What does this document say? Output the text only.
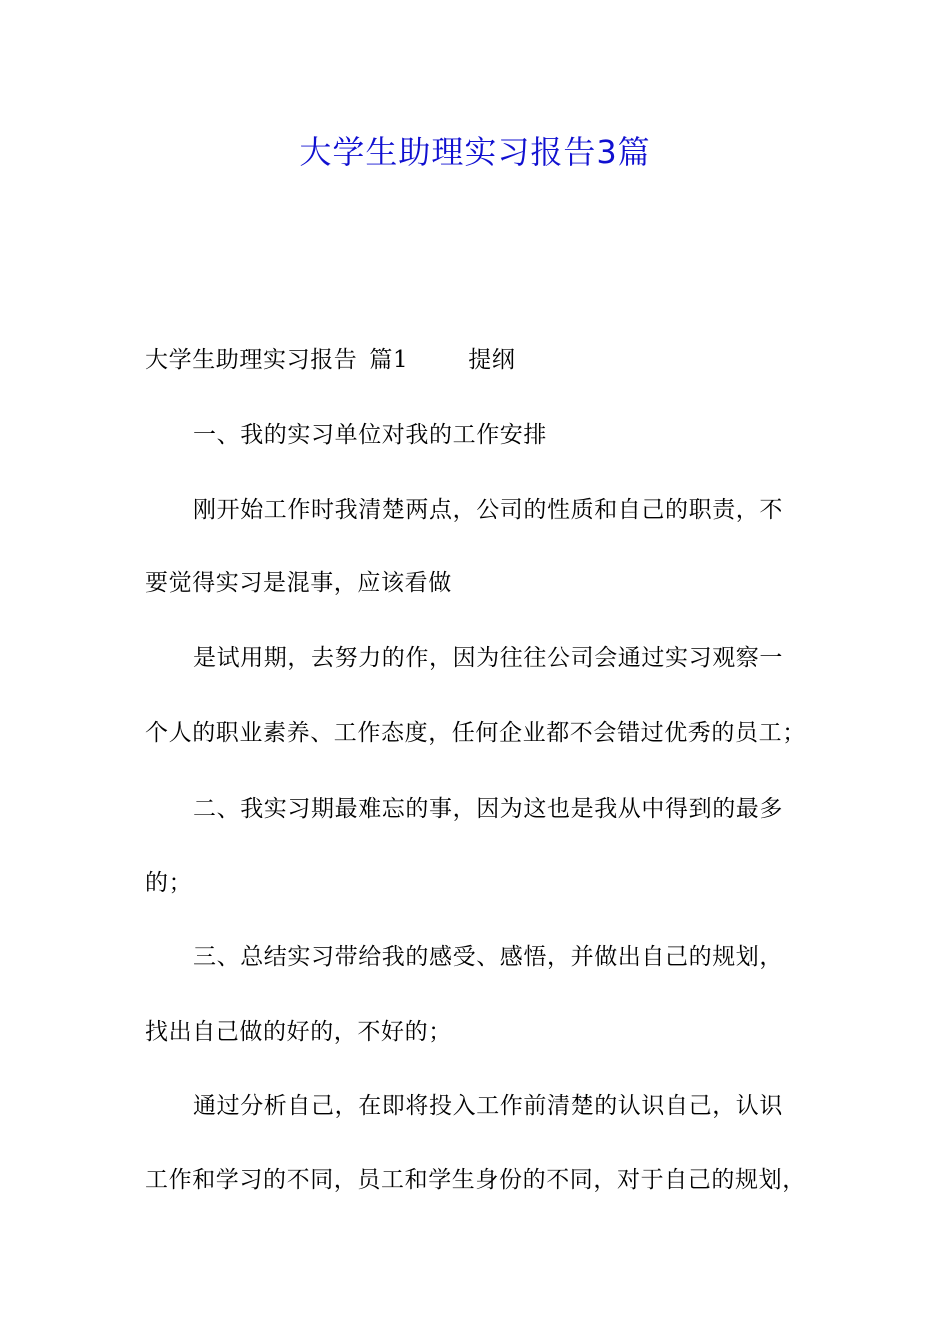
大学生助理实习报告3篇
大学生助理实习报告 篇1	提纲
一、我的实习单位对我的工作安排
刚开始工作时我清楚两点，公司的性质和自己的职责，不
要觉得实习是混事，应该看做
是试用期，去努力的作，因为往往公司会通过实习观察一
个人的职业素养、工作态度，任何企业都不会错过优秀的员工；
二、我实习期最难忘的事，因为这也是我从中得到的最多
的；
三、总结实习带给我的感受、感悟，并做出自己的规划，
找出自己做的好的，不好的；
通过分析自己，在即将投入工作前清楚的认识自己，认识
工作和学习的不同，员工和学生身份的不同，对于自己的规划，
